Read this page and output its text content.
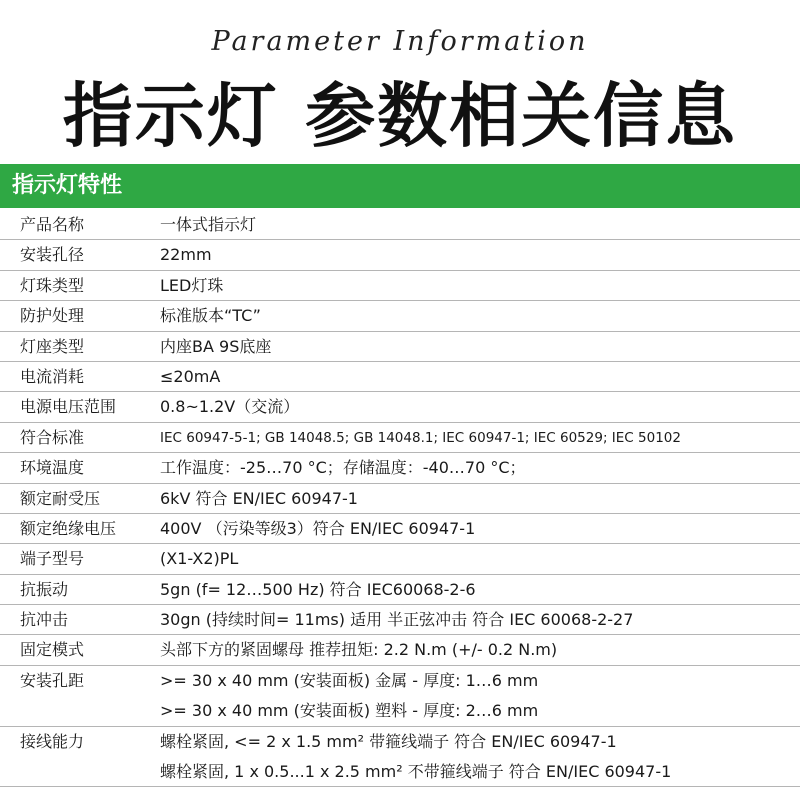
Parameter Information
指示灯 参数相关信息
指示灯特性
产品名称	一体式指示灯
安装孔径	22mm
灯珠类型	LED灯珠
防护处理	标准版本“TC”
灯座类型	内座BA 9S底座
电流消耗	≤20mA
电源电压范围	0.8~1.2V（交流）
符合标准	IEC 60947-5-1; GB 14048.5; GB 14048.1; IEC 60947-1; IEC 60529; IEC 50102
环境温度	工作温度：-25…70 °C；存储温度：-40…70 °C；
额定耐受压	6kV 符合 EN/IEC 60947-1
额定绝缘电压	400V （污染等级3）符合 EN/IEC 60947-1
端子型号	(X1-X2)PL
抗振动	5gn (f= 12…500 Hz) 符合 IEC60068-2-6
抗冲击	30gn (持续时间= 11ms) 适用 半正弦冲击 符合 IEC 60068-2-27
固定模式	头部下方的紧固螺母 推荐扭矩: 2.2 N.m (+/- 0.2 N.m)
安装孔距	>= 30 x 40 mm (安装面板) 金属 - 厚度: 1…6 mm
>= 30 x 40 mm (安装面板) 塑料 - 厚度: 2…6 mm
接线能力	螺栓紧固, <= 2 x 1.5 mm² 带箍线端子 符合 EN/IEC 60947-1
螺栓紧固, 1 x 0.5...1 x 2.5 mm² 不带箍线端子 符合 EN/IEC 60947-1
